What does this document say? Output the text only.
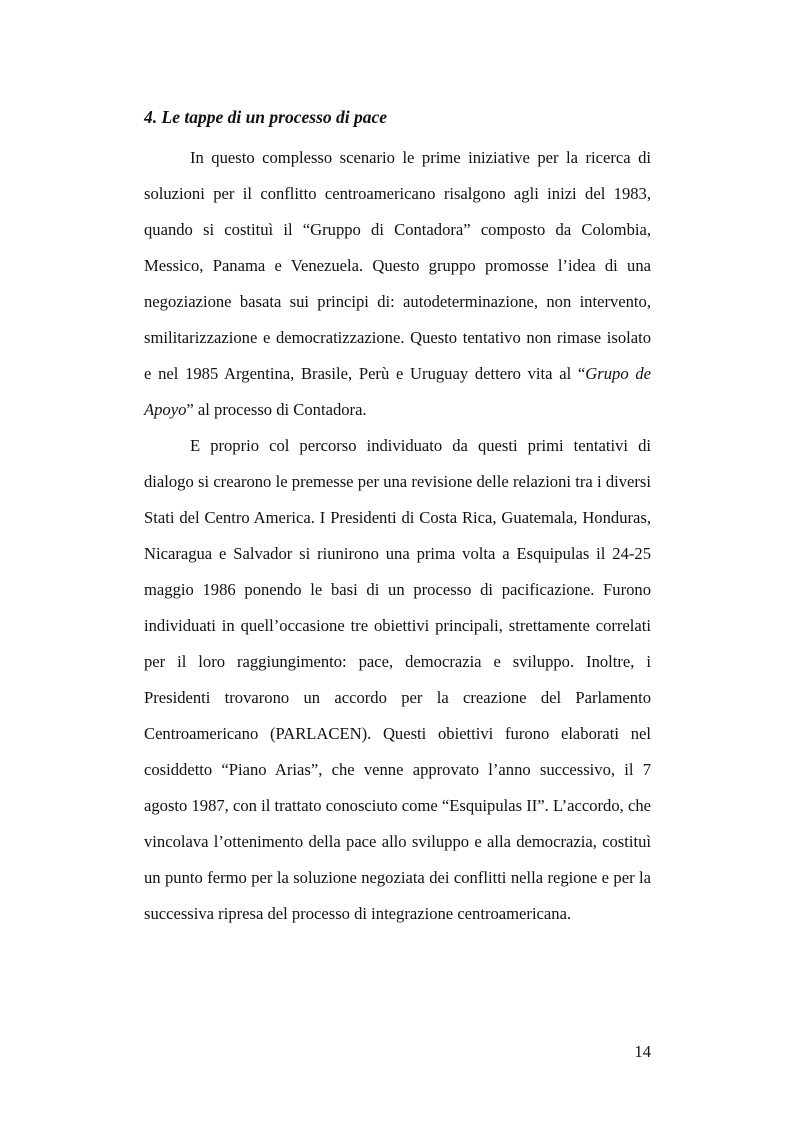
4. Le tappe di un processo di pace

In questo complesso scenario le prime iniziative per la ricerca di soluzioni per il conflitto centroamericano risalgono agli inizi del 1983, quando si costituì il “Gruppo di Contadora” composto da Colombia, Messico, Panama e Venezuela. Questo gruppo promosse l’idea di una negoziazione basata sui principi di: autodeterminazione, non intervento, smilitarizzazione e democratizzazione. Questo tentativo non rimase isolato e nel 1985 Argentina, Brasile, Perù e Uruguay dettero vita al “Grupo de Apoyo” al processo di Contadora.

E proprio col percorso individuato da questi primi tentativi di dialogo si crearono le premesse per una revisione delle relazioni tra i diversi Stati del Centro America. I Presidenti di Costa Rica, Guatemala, Honduras, Nicaragua e Salvador si riunirono una prima volta a Esquipulas il 24-25 maggio 1986 ponendo le basi di un processo di pacificazione. Furono individuati in quell’occasione tre obiettivi principali, strettamente correlati per il loro raggiungimento: pace, democrazia e sviluppo. Inoltre, i Presidenti trovarono un accordo per la creazione del Parlamento Centroamericano (PARLACEN). Questi obiettivi furono elaborati nel cosiddetto “Piano Arias”, che venne approvato l’anno successivo, il 7 agosto 1987, con il trattato conosciuto come “Esquipulas II”. L’accordo, che vincolava l’ottenimento della pace allo sviluppo e alla democrazia, costituì un punto fermo per la soluzione negoziata dei conflitti nella regione e per la successiva ripresa del processo di integrazione centroamericana.

14
